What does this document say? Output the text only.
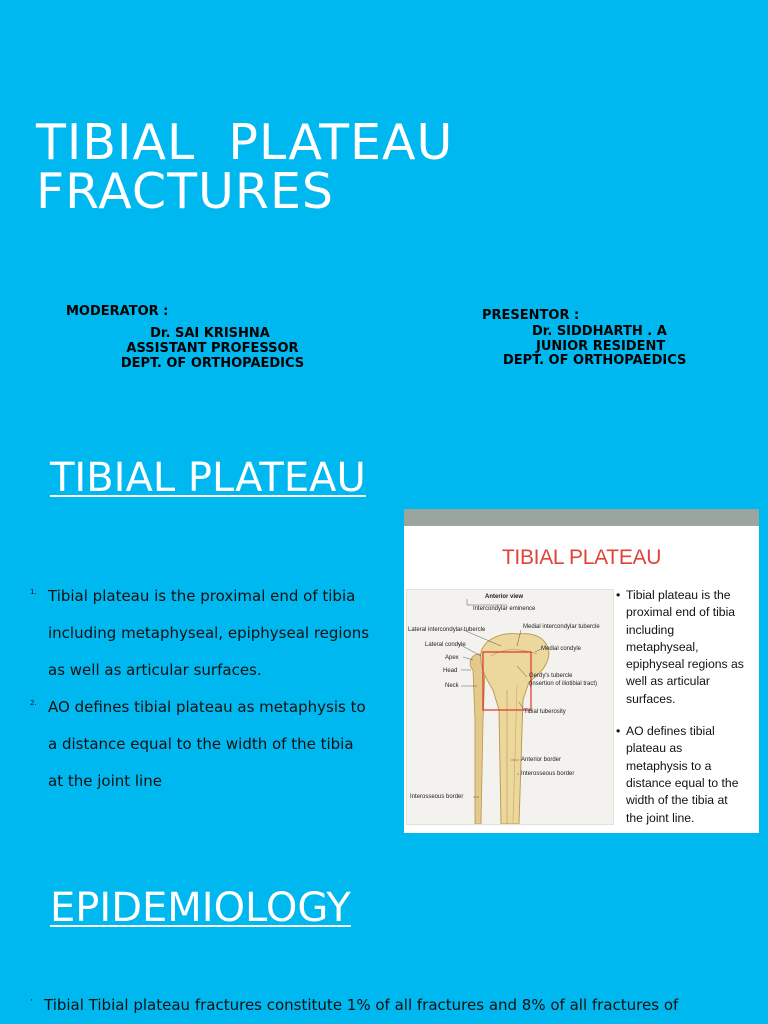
TIBIAL  PLATEAU
FRACTURES
MODERATOR :
Dr. SAI KRISHNA
ASSISTANT PROFESSOR
DEPT. OF ORTHOPAEDICS
PRESENTOR :
Dr. SIDDHARTH . A
JUNIOR RESIDENT
DEPT. OF ORTHOPAEDICS
TIBIAL PLATEAU
1. Tibial plateau is the proximal end of tibia
including metaphyseal, epiphyseal regions
as well as articular surfaces.
2. AO defines tibial plateau as metaphysis to
a distance equal to the width of the tibia
at the joint line
TIBIAL PLATEAU
Anterior view
Intercondylar eminence
Lateral intercondylar tubercle	Medial intercondylar tubercle
Lateral condyle
Medial condyle
Apex
Head
Neck
Gerdy's tubercle
(insertion of iliotibial tract)
Tibial tuberosity
Anterior border
Interosseous border
Interosseous border
• Tibial plateau is the
proximal end of tibia
including
metaphyseal,
epiphyseal regions as
well as articular
surfaces.
• AO defines tibial
plateau as
metaphysis to a
distance equal to the
width of the tibia at
the joint line.
EPIDEMIOLOGY
· Tibial Tibial plateau fractures constitute 1% of all fractures and 8% of all fractures of
